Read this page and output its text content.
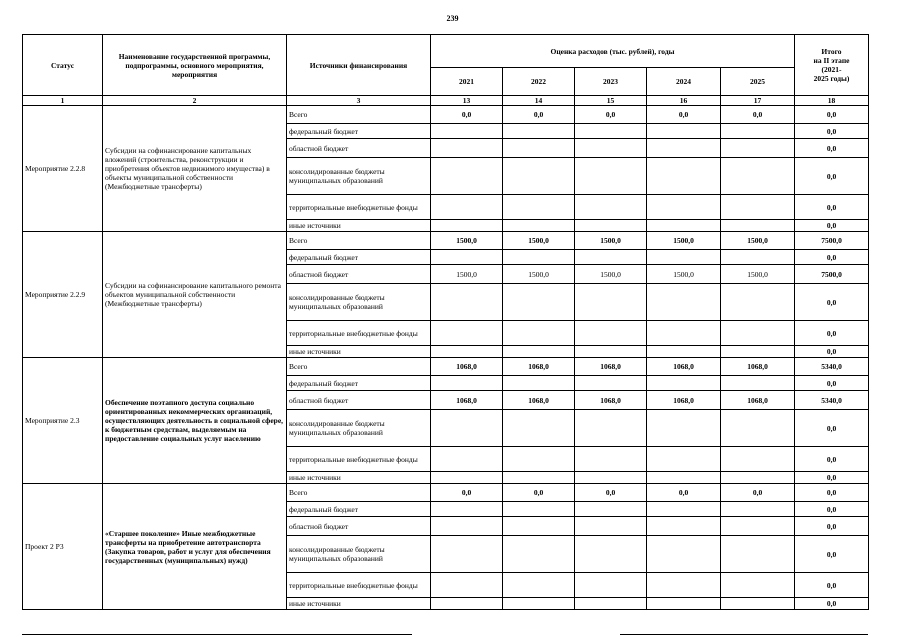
239
Статус	Наименование государственной программы, подпрограммы, основного мероприятия, мероприятия	Источники финансирования	Оценка расходов (тыс. рублей), годы					Итого
на II этапе
(2021-
2025 годы)

			2021	2022	2023	2024	2025	
1	2	3	13	14	15	16	17	18
Мероприятие 2.2.8	Субсидии на софинансирование капитальных вложений (строительства, реконструкции и приобретения объектов недвижимого имущества) в объекты муниципальной собственности (Межбюджетные трансферты)	Всего	0,0	0,0	0,0	0,0	0,0	0,0
		федеральный бюджет						0,0
		областной бюджет						0,0
		консолидированные бюджеты муниципальных образований						0,0
		территориальные внебюджетные фонды						0,0
		иные источники						0,0
Мероприятие 2.2.9	Субсидии на софинансирование капитального ремонта объектов муниципальной собственности (Межбюджетные трансферты)	Всего	1500,0	1500,0	1500,0	1500,0	1500,0	7500,0
		федеральный бюджет						0,0
		областной бюджет	1500,0	1500,0	1500,0	1500,0	1500,0	7500,0
		консолидированные бюджеты муниципальных образований						0,0
		территориальные внебюджетные фонды						0,0
		иные источники						0,0
Мероприятие 2.3	Обеспечение поэтапного доступа социально ориентированных некоммерческих организаций, осуществляющих деятельность в социальной сфере, к бюджетным средствам, выделяемым на предоставление социальных услуг населению	Всего	1068,0	1068,0	1068,0	1068,0	1068,0	5340,0
		федеральный бюджет						0,0
		областной бюджет	1068,0	1068,0	1068,0	1068,0	1068,0	5340,0
		консолидированные бюджеты муниципальных образований						0,0
		территориальные внебюджетные фонды						0,0
		иные источники						0,0
Проект 2 Р3	«Старшее поколение» Иные межбюджетные трансферты на приобретение автотранспорта (Закупка товаров, работ и услуг для обеспечения государственных (муниципальных) нужд)	Всего	0,0	0,0	0,0	0,0	0,0	0,0
		федеральный бюджет						0,0
		областной бюджет						0,0
		консолидированные бюджеты муниципальных образований						0,0
		территориальные внебюджетные фонды						0,0
		иные источники						0,0
